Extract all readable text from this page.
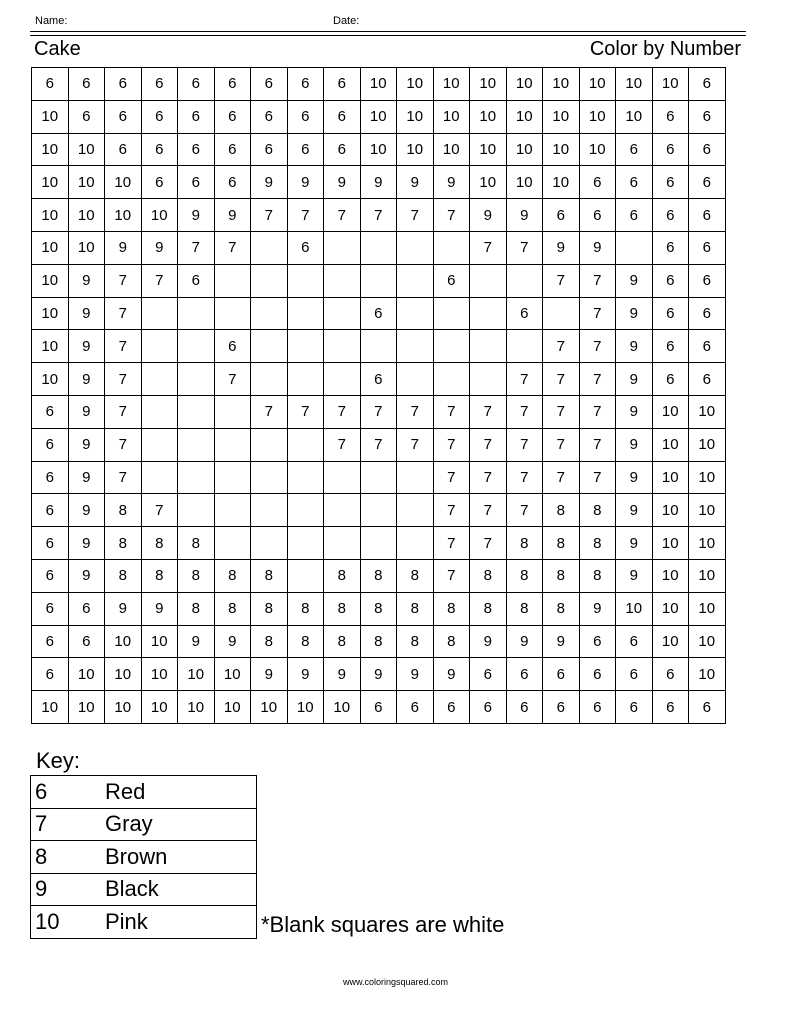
Name:	Date:
Cake	Color by Number
6	6	6	6	6	6	6	6	6	10	10	10	10	10	10	10	10	10	6
10	6	6	6	6	6	6	6	6	10	10	10	10	10	10	10	10	6	6
10	10	6	6	6	6	6	6	6	10	10	10	10	10	10	10	6	6	6
10	10	10	6	6	6	9	9	9	9	9	9	10	10	10	6	6	6	6
10	10	10	10	9	9	7	7	7	7	7	7	9	9	6	6	6	6	6
10	10	9	9	7	7		6					7	7	9	9		6	6
10	9	7	7	6							6			7	7	9	6	6
10	9	7							6				6		7	9	6	6
10	9	7			6									7	7	9	6	6
10	9	7			7				6				7	7	7	9	6	6
6	9	7				7	7	7	7	7	7	7	7	7	7	9	10	10
6	9	7						7	7	7	7	7	7	7	7	9	10	10
6	9	7									7	7	7	7	7	9	10	10
6	9	8	7								7	7	7	8	8	9	10	10
6	9	8	8	8							7	7	8	8	8	9	10	10
6	9	8	8	8	8	8		8	8	8	7	8	8	8	8	9	10	10
6	6	9	9	8	8	8	8	8	8	8	8	8	8	8	9	10	10	10
6	6	10	10	9	9	8	8	8	8	8	8	9	9	9	6	6	10	10
6	10	10	10	10	10	9	9	9	9	9	9	6	6	6	6	6	6	10
10	10	10	10	10	10	10	10	10	6	6	6	6	6	6	6	6	6	6
Key:
6	Red
7	Gray
8	Brown
9	Black
10	Pink	*Blank squares are white
www.coloringsquared.com
